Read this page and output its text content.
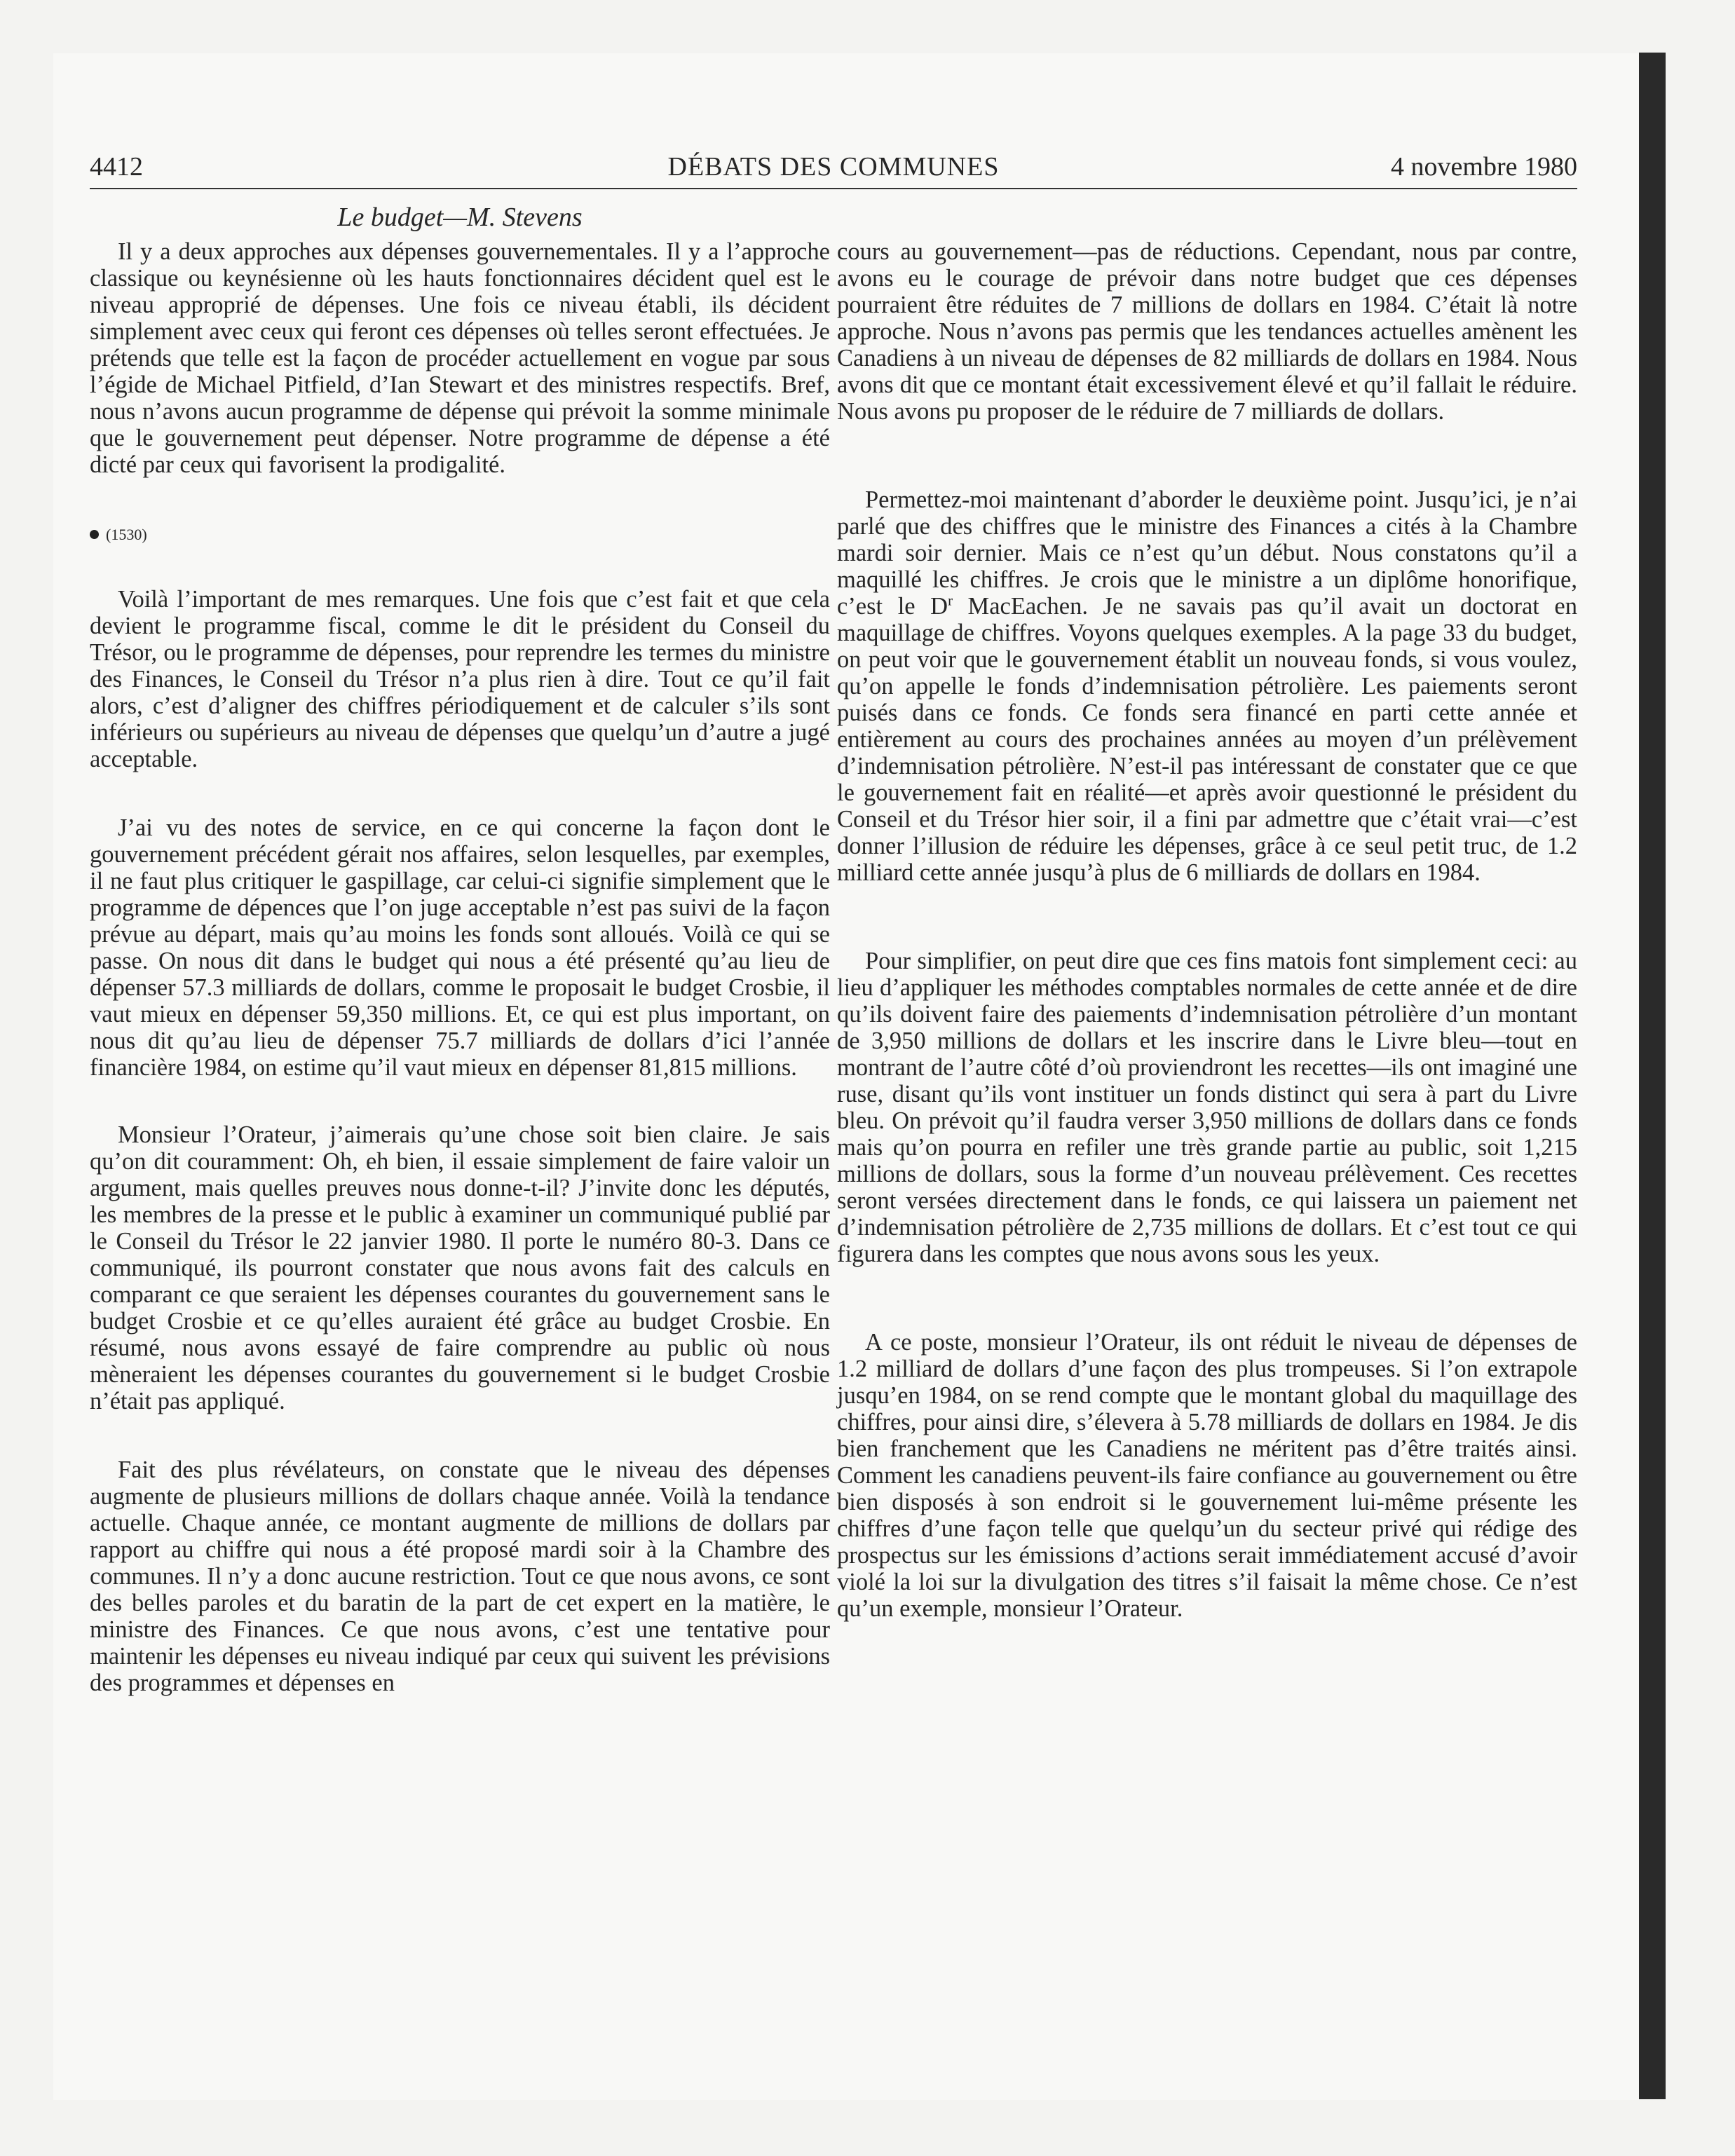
4412	DÉBATS DES COMMUNES	4 novembre 1980
Le budget—M. Stevens

Il y a deux approches aux dépenses gouvernementales. Il y a l’approche classique ou keynésienne où les hauts fonctionnaires décident quel est le niveau approprié de dépenses. Une fois ce niveau établi, ils décident simplement avec ceux qui feront ces dépenses où telles seront effectuées. Je prétends que telle est la façon de procéder actuellement en vogue par sous l’égide de Michael Pitfield, d’Ian Stewart et des ministres respectifs. Bref, nous n’avons aucun programme de dépense qui prévoit la somme minimale que le gouvernement peut dépenser. Notre programme de dépense a été dicté par ceux qui favorisent la prodigalité.

(1530)

Voilà l’important de mes remarques. Une fois que c’est fait et que cela devient le programme fiscal, comme le dit le président du Conseil du Trésor, ou le programme de dépenses, pour reprendre les termes du ministre des Finances, le Conseil du Trésor n’a plus rien à dire. Tout ce qu’il fait alors, c’est d’aligner des chiffres périodiquement et de calculer s’ils sont inférieurs ou supérieurs au niveau de dépenses que quelqu’un d’autre a jugé acceptable.

J’ai vu des notes de service, en ce qui concerne la façon dont le gouvernement précédent gérait nos affaires, selon lesquelles, par exemples, il ne faut plus critiquer le gaspillage, car celui-ci signifie simplement que le programme de dépences que l’on juge acceptable n’est pas suivi de la façon prévue au départ, mais qu’au moins les fonds sont alloués. Voilà ce qui se passe. On nous dit dans le budget qui nous a été présenté qu’au lieu de dépenser 57.3 milliards de dollars, comme le proposait le budget Crosbie, il vaut mieux en dépenser 59,350 millions. Et, ce qui est plus important, on nous dit qu’au lieu de dépenser 75.7 milliards de dollars d’ici l’année financière 1984, on estime qu’il vaut mieux en dépenser 81,815 millions.

Monsieur l’Orateur, j’aimerais qu’une chose soit bien claire. Je sais qu’on dit couramment: Oh, eh bien, il essaie simplement de faire valoir un argument, mais quelles preuves nous donne-t-il? J’invite donc les députés, les membres de la presse et le public à examiner un communiqué publié par le Conseil du Trésor le 22 janvier 1980. Il porte le numéro 80-3. Dans ce communiqué, ils pourront constater que nous avons fait des calculs en comparant ce que seraient les dépenses courantes du gouvernement sans le budget Crosbie et ce qu’elles auraient été grâce au budget Crosbie. En résumé, nous avons essayé de faire comprendre au public où nous mèneraient les dépenses courantes du gouvernement si le budget Crosbie n’était pas appliqué.

Fait des plus révélateurs, on constate que le niveau des dépenses augmente de plusieurs millions de dollars chaque année. Voilà la tendance actuelle. Chaque année, ce montant augmente de millions de dollars par rapport au chiffre qui nous a été proposé mardi soir à la Chambre des communes. Il n’y a donc aucune restriction. Tout ce que nous avons, ce sont des belles paroles et du baratin de la part de cet expert en la matière, le ministre des Finances. Ce que nous avons, c’est une tentative pour maintenir les dépenses eu niveau indiqué par ceux qui suivent les prévisions des programmes et dépenses en

cours au gouvernement—pas de réductions. Cependant, nous par contre, avons eu le courage de prévoir dans notre budget que ces dépenses pourraient être réduites de 7 millions de dollars en 1984. C’était là notre approche. Nous n’avons pas permis que les tendances actuelles amènent les Canadiens à un niveau de dépenses de 82 milliards de dollars en 1984. Nous avons dit que ce montant était excessivement élevé et qu’il fallait le réduire. Nous avons pu proposer de le réduire de 7 milliards de dollars.

Permettez-moi maintenant d’aborder le deuxième point. Jusqu’ici, je n’ai parlé que des chiffres que le ministre des Finances a cités à la Chambre mardi soir dernier. Mais ce n’est qu’un début. Nous constatons qu’il a maquillé les chiffres. Je crois que le ministre a un diplôme honorifique, c’est le $D^r$ MacEachen. Je ne savais pas qu’il avait un doctorat en maquillage de chiffres. Voyons quelques exemples. A la page 33 du budget, on peut voir que le gouvernement établit un nouveau fonds, si vous voulez, qu’on appelle le fonds d’indemnisation pétrolière. Les paiements seront puisés dans ce fonds. Ce fonds sera financé en parti cette année et entièrement au cours des prochaines années au moyen d’un prélèvement d’indemnisation pétrolière. N’est-il pas intéressant de constater que ce que le gouvernement fait en réalité—et après avoir questionné le président du Conseil et du Trésor hier soir, il a fini par admettre que c’était vrai—c’est donner l’illusion de réduire les dépenses, grâce à ce seul petit truc, de 1.2 milliard cette année jusqu’à plus de 6 milliards de dollars en 1984.

Pour simplifier, on peut dire que ces fins matois font simplement ceci: au lieu d’appliquer les méthodes comptables normales de cette année et de dire qu’ils doivent faire des paiements d’indemnisation pétrolière d’un montant de 3,950 millions de dollars et les inscrire dans le Livre bleu—tout en montrant de l’autre côté d’où proviendront les recettes—ils ont imaginé une ruse, disant qu’ils vont instituer un fonds distinct qui sera à part du Livre bleu. On prévoit qu’il faudra verser 3,950 millions de dollars dans ce fonds mais qu’on pourra en refiler une très grande partie au public, soit 1,215 millions de dollars, sous la forme d’un nouveau prélèvement. Ces recettes seront versées directement dans le fonds, ce qui laissera un paiement net d’indemnisation pétrolière de 2,735 millions de dollars. Et c’est tout ce qui figurera dans les comptes que nous avons sous les yeux.

A ce poste, monsieur l’Orateur, ils ont réduit le niveau de dépenses de 1.2 milliard de dollars d’une façon des plus trompeuses. Si l’on extrapole jusqu’en 1984, on se rend compte que le montant global du maquillage des chiffres, pour ainsi dire, s’élevera à 5.78 milliards de dollars en 1984. Je dis bien franchement que les Canadiens ne méritent pas d’être traités ainsi. Comment les canadiens peuvent-ils faire confiance au gouvernement ou être bien disposés à son endroit si le gouvernement lui-même présente les chiffres d’une façon telle que quelqu’un du secteur privé qui rédige des prospectus sur les émissions d’actions serait immédiatement accusé d’avoir violé la loi sur la divulgation des titres s’il faisait la même chose. Ce n’est qu’un exemple, monsieur l’Orateur.
